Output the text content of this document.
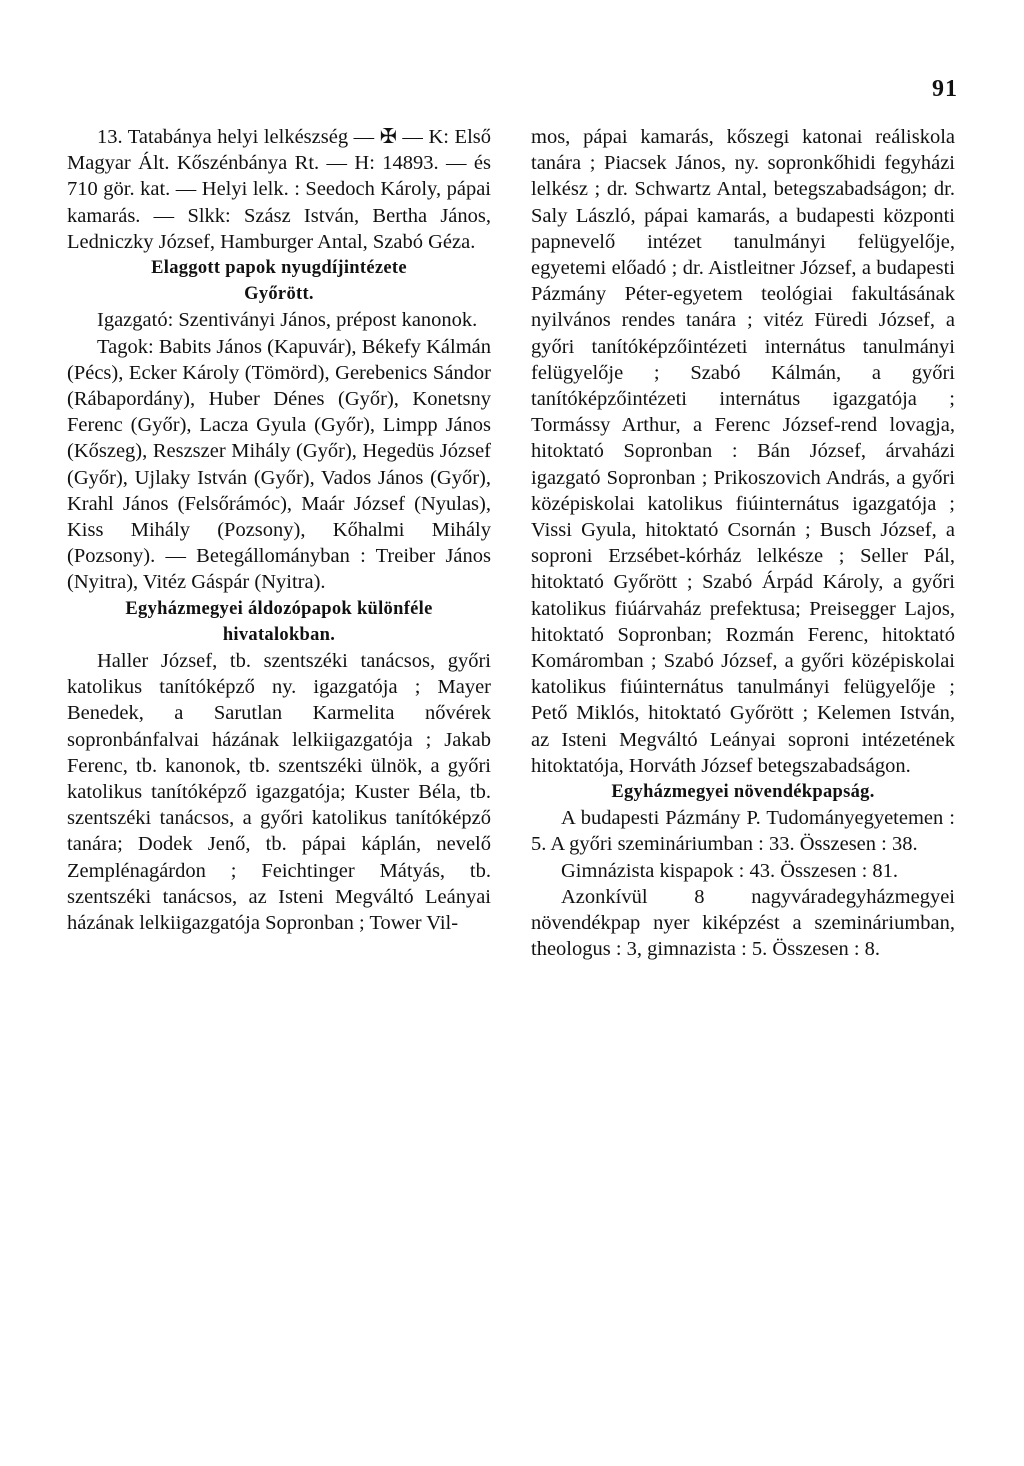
91

13. Tatabánya helyi lelkészség — ✠ — K: Első Magyar Ált. Kőszénbánya Rt. — H: 14893. — és 710 gör. kat. — Helyi lelk. : Seedoch Károly, pápai kamarás. — Slkk: Szász István, Bertha János, Ledniczky József, Hamburger Antal, Szabó Géza.

Elaggott papok nyugdíjintézete

Győrött.

Igazgató: Szentiványi János, prépost kanonok.

Tagok: Babits János (Kapuvár), Békefy Kálmán (Pécs), Ecker Károly (Tömörd), Gerebenics Sándor (Rábapordány), Huber Dénes (Győr), Konetsny Ferenc (Győr), Lacza Gyula (Győr), Limpp János (Kőszeg), Reszszer Mihály (Győr), Hegedüs József (Győr), Ujlaky István (Győr), Vados János (Győr), Krahl János (Felsőrámóc), Maár József (Nyulas), Kiss Mihály (Pozsony), Kőhalmi Mihály (Pozsony). — Betegállományban : Treiber János (Nyitra), Vitéz Gáspár (Nyitra).

Egyházmegyei áldozópapok különféle

hivatalokban.

Haller József, tb. szentszéki tanácsos, győri katolikus tanítóképző ny. igazgatója ; Mayer Benedek, a Sarutlan Karmelita nővérek sopronbánfalvai házának lelkiigazgatója ; Jakab Ferenc, tb. kanonok, tb. szentszéki ülnök, a győri katolikus tanítóképző igazgatója; Kuster Béla, tb. szentszéki tanácsos, a győri katolikus tanítóképző tanára; Dodek Jenő, tb. pápai káplán, nevelő Zemplénagárdon ; Feichtinger Mátyás, tb. szentszéki tanácsos, az Isteni Megváltó Leányai házának lelkiigazgatója Sopronban ; Tower Vil-

mos, pápai kamarás, kőszegi katonai reáliskola tanára ; Piacsek János, ny. sopronkőhidi fegyházi lelkész ; dr. Schwartz Antal, betegszabadságon; dr. Saly László, pápai kamarás, a budapesti központi papnevelő intézet tanulmányi felügyelője, egyetemi előadó ; dr. Aistleitner József, a budapesti Pázmány Péter-egyetem teológiai fakultásának nyilvános rendes tanára ; vitéz Füredi József, a győri tanítóképzőintézeti internátus tanulmányi felügyelője ; Szabó Kálmán, a győri tanítóképzőintézeti internátus igazgatója ; Tormássy Arthur, a Ferenc József-rend lovagja, hitoktató Sopronban : Bán József, árvaházi igazgató Sopronban ; Prikoszovich András, a győri középiskolai katolikus fiúinternátus igazgatója ; Vissi Gyula, hitoktató Csornán ; Busch József, a soproni Erzsébet-kórház lelkésze ; Seller Pál, hitoktató Győrött ; Szabó Árpád Károly, a győri katolikus fiúárvaház prefektusa; Preisegger Lajos, hitoktató Sopronban; Rozmán Ferenc, hitoktató Komáromban ; Szabó József, a győri középiskolai katolikus fiúinternátus tanulmányi felügyelője ; Pető Miklós, hitoktató Győrött ; Kelemen István, az Isteni Megváltó Leányai soproni intézetének hitoktatója, Horváth József betegszabadságon.

Egyházmegyei növendékpapság.

A budapesti Pázmány P. Tudományegyetemen : 5. A győri szemináriumban : 33. Összesen : 38.

Gimnázista kispapok : 43. Összesen : 81.

Azonkívül 8 nagyváradegyházmegyei növendékpap nyer kiképzést a szemináriumban, theologus : 3, gimnazista : 5. Összesen : 8.
